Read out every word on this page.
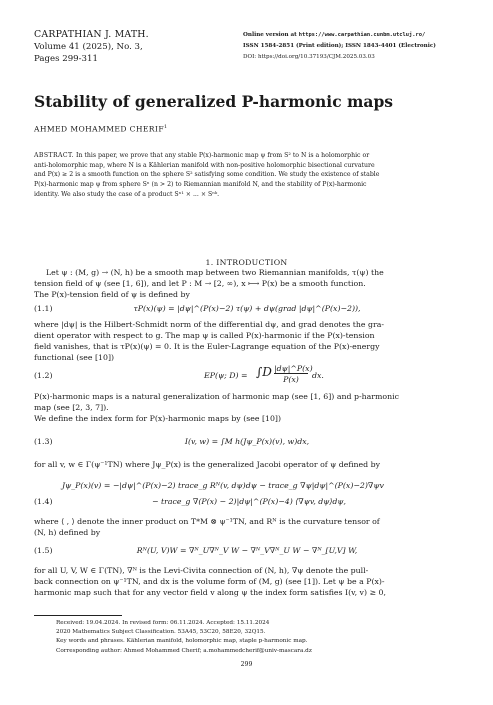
CARPATHIAN J. MATH.
Volume 41 (2025), No. 3,
Pages 299-311
Online version at https://www.carpathian.cunbm.utcluj.ro/
ISSN 1584-2851 (Print edition); ISSN 1843-4401 (Electronic)
DOI: https://doi.org/10.37193/CJM.2025.03.03
Stability of generalized P-harmonic maps
AHMED MOHAMMED CHERIF$^1$
ABSTRACT. In this paper, we prove that any stable P(x)-harmonic map ψ from S² to N is a holomorphic or
anti-holomorphic map, where N is a Kählerian manifold with non-positive holomorphic bisectional curvature
and P(x) ≥ 2 is a smooth function on the sphere S² satisfying some condition. We study the existence of stable
P(x)-harmonic map ψ from sphere Sⁿ (n > 2) to Riemannian manifold N, and the stability of P(x)-harmonic
identity. We also study the case of a product Sⁿ¹ × ... × Sⁿᵏ.
1. INTRODUCTION
Let ψ : (M, g) → (N, h) be a smooth map between two Riemannian manifolds, τ(ψ) the
tension field of ψ (see [1, 6]), and let P : M → [2, ∞), x ⟼ P(x) be a smooth function.
The P(x)-tension field of ψ is defined by
(1.1)	τP(x)(ψ) = |dψ|^(P(x)−2) τ(ψ) + dψ(grad |dψ|^(P(x)−2)),
where |dψ| is the Hilbert-Schmidt norm of the differential dψ, and grad denotes the gra-
dient operator with respect to g. The map ψ is called P(x)-harmonic if the P(x)-tension
field vanishes, that is τP(x)(ψ) = 0. It is the Euler-Lagrange equation of the P(x)-energy
functional (see [10])
(1.2)	EP(ψ; D) = ∫D |dψ|^P(x)
P(x)	dx.
P(x)-harmonic maps is a natural generalization of harmonic map (see [1, 6]) and p-harmonic
map (see [2, 3, 7]).
We define the index form for P(x)-harmonic maps by (see [10])
(1.3)	I(v, w) = ∫M h(Jψ_P(x)(v), w)dx,
for all v, w ∈ Γ(ψ⁻¹TN) where Jψ_P(x) is the generalized Jacobi operator of ψ defined by
Jψ_P(x)(v) = −|dψ|^(P(x)−2) trace_g Rᴺ(v, dψ)dψ − trace_g ∇ψ|dψ|^(P(x)−2)∇ψv
(1.4)	− trace_g ∇(P(x) − 2)|dψ|^(P(x)−4) ⟨∇ψv, dψ⟩dψ,
where ⟨ , ⟩ denote the inner product on T*M ⊗ ψ⁻¹TN, and Rᴺ is the curvature tensor of
(N, h) defined by
(1.5)	Rᴺ(U, V)W = ∇ᴺ_U∇ᴺ_V W − ∇ᴺ_V∇ᴺ_U W − ∇ᴺ_[U,V] W,
for all U, V, W ∈ Γ(TN), ∇ᴺ is the Levi-Civita connection of (N, h), ∇ψ denote the pull-
back connection on ψ⁻¹TN, and dx is the volume form of (M, g) (see [1]). Let ψ be a P(x)-
harmonic map such that for any vector field v along ψ the index form satisfies I(v, v) ≥ 0,
Received: 19.04.2024. In revised form: 06.11.2024. Accepted: 15.11.2024
2020 Mathematics Subject Classification. 53A45, 53C20, 58E20, 32Q15.
Key words and phrases. Kählerian manifold, holomorphic map, staple p-harmonic map.
Corresponding author: Ahmed Mohammed Cherif; a.mohammedcherif@univ-mascara.dz
299
